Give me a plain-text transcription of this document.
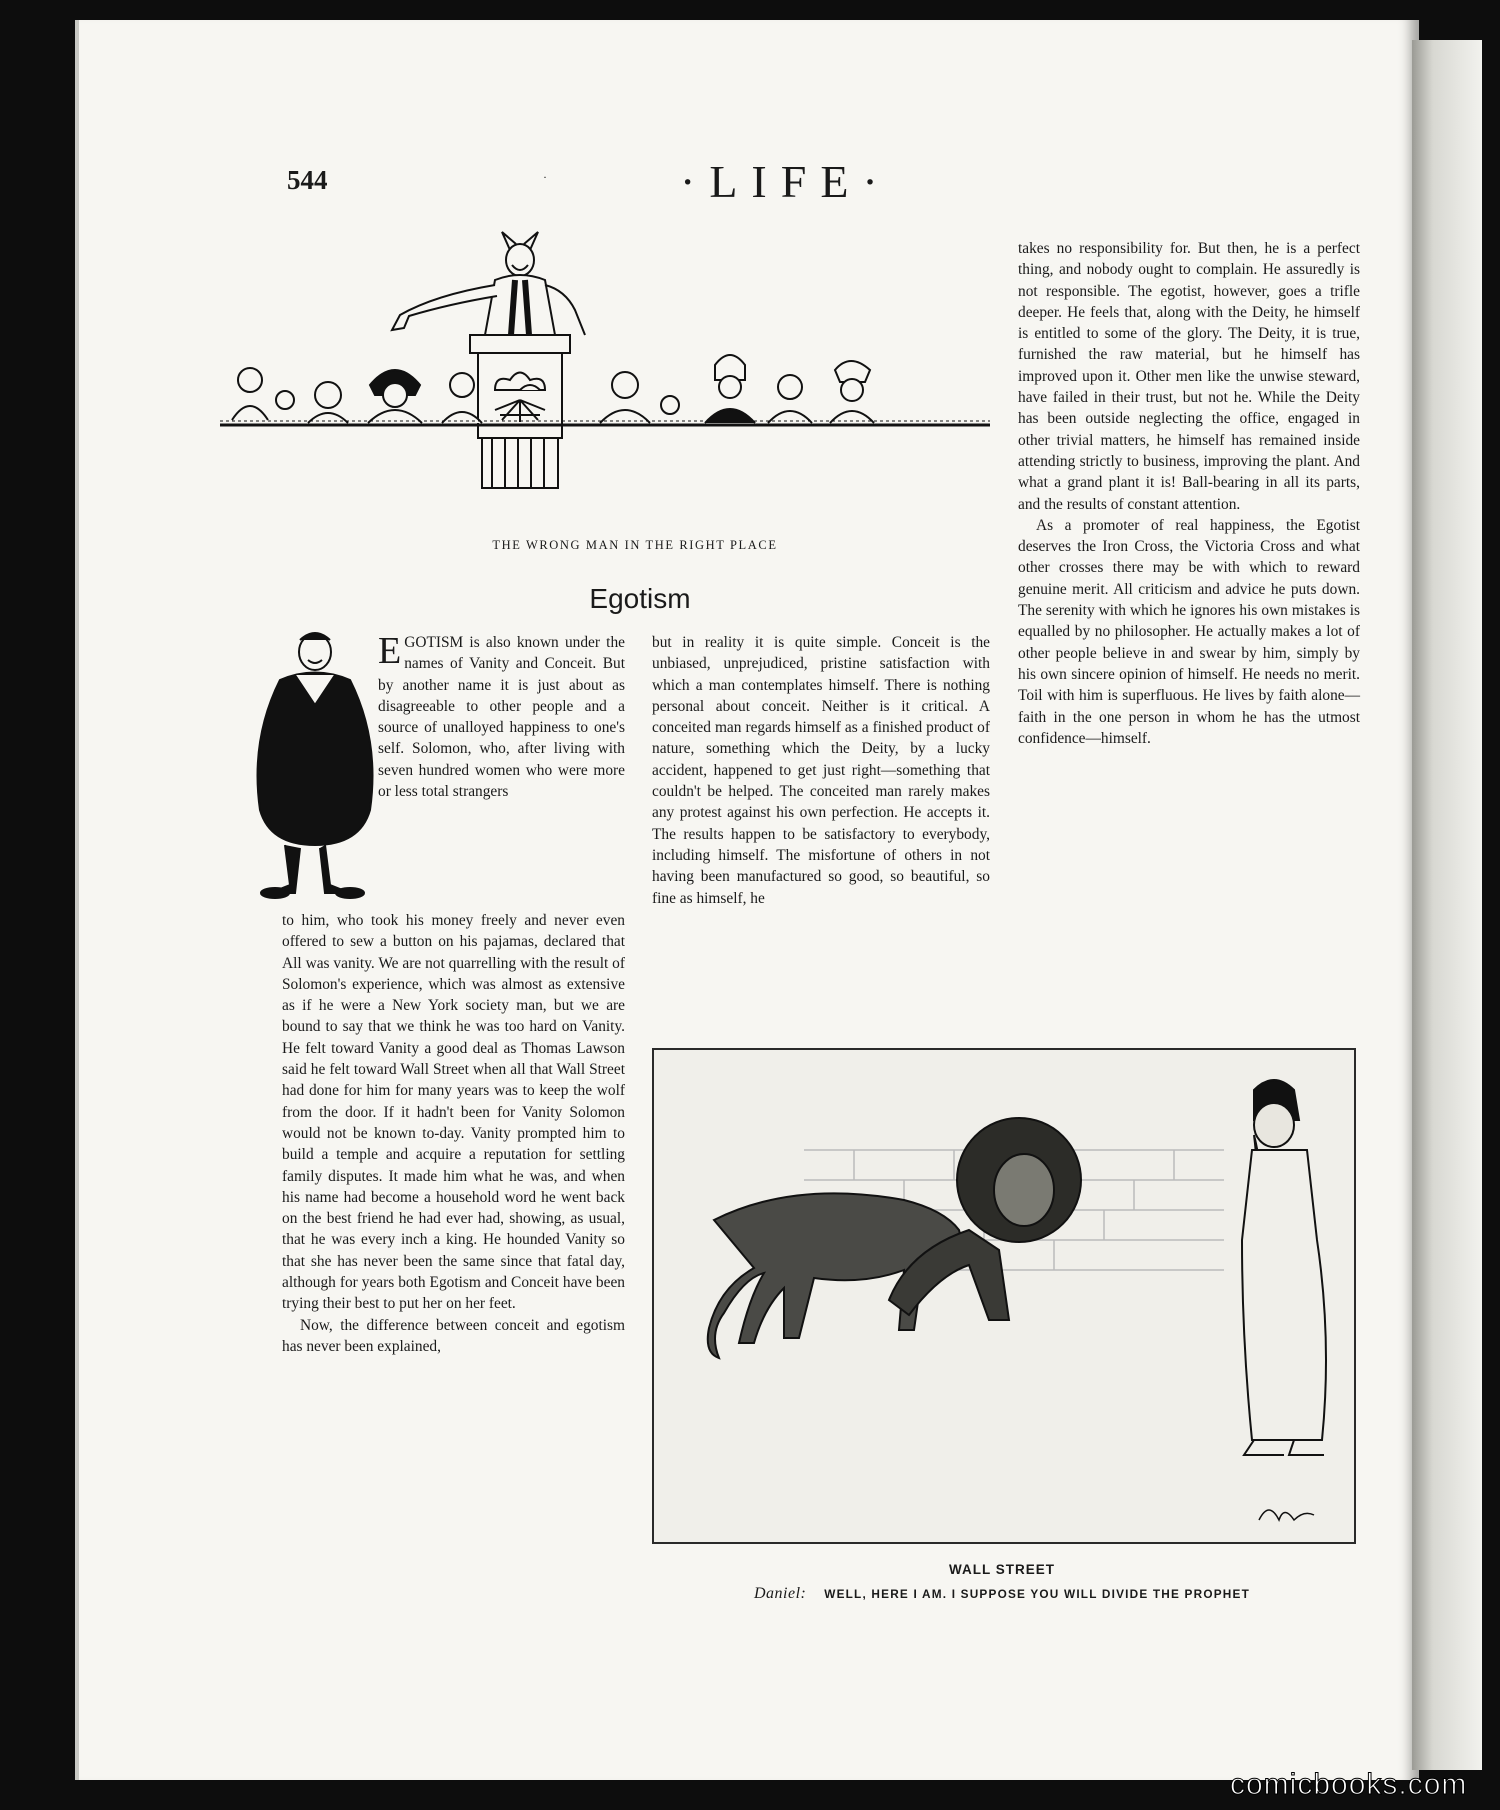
544	·	·LIFE·
THE WRONG MAN IN THE RIGHT PLACE
Egotism

EGOTISM is also known under the names of Vanity and Conceit. But by another name it is just about as disagreeable to other people and a source of unalloyed happiness to one's self. Solomon, who, after living with seven hundred women who were more or less total strangers

to him, who took his money freely and never even offered to sew a button on his pajamas, declared that All was vanity. We are not quarrelling with the result of Solomon's experience, which was almost as extensive as if he were a New York society man, but we are bound to say that we think he was too hard on Vanity. He felt toward Vanity a good deal as Thomas Lawson said he felt toward Wall Street when all that Wall Street had done for him for many years was to keep the wolf from the door. If it hadn't been for Vanity Solomon would not be known to-day. Vanity prompted him to build a temple and acquire a reputation for settling family disputes. It made him what he was, and when his name had become a household word he went back on the best friend he had ever had, showing, as usual, that he was every inch a king. He hounded Vanity so that she has never been the same since that fatal day, although for years both Egotism and Conceit have been trying their best to put her on her feet.

Now, the difference between conceit and egotism has never been explained,

but in reality it is quite simple. Conceit is the unbiased, unprejudiced, pristine satisfaction with which a man contemplates himself. There is nothing personal about conceit. Neither is it critical. A conceited man regards himself as a finished product of nature, something which the Deity, by a lucky accident, happened to get just right—something that couldn't be helped. The conceited man rarely makes any protest against his own perfection. He accepts it. The results happen to be satisfactory to everybody, including himself. The misfortune of others in not having been manufactured so good, so beautiful, so fine as himself, he

takes no responsibility for. But then, he is a perfect thing, and nobody ought to complain. He assuredly is not responsible. The egotist, however, goes a trifle deeper. He feels that, along with the Deity, he himself is entitled to some of the glory. The Deity, it is true, furnished the raw material, but he himself has improved upon it. Other men like the unwise steward, have failed in their trust, but not he. While the Deity has been outside neglecting the office, engaged in other trivial matters, he himself has remained inside attending strictly to business, improving the plant. And what a grand plant it is! Ball-bearing in all its parts, and the results of constant attention.

As a promoter of real happiness, the Egotist deserves the Iron Cross, the Victoria Cross and what other crosses there may be with which to reward genuine merit. All criticism and advice he puts down. The serenity with which he ignores his own mistakes is equalled by no philosopher. He actually makes a lot of other people believe in and swear by him, simply by his own sincere opinion of himself. He needs no merit. Toil with him is superfluous. He lives by faith alone—faith in the one person in whom he has the utmost confidence—himself.

WALL STREET
Daniel: WELL, HERE I AM. I SUPPOSE YOU WILL DIVIDE THE PROPHET
comicbooks.com
